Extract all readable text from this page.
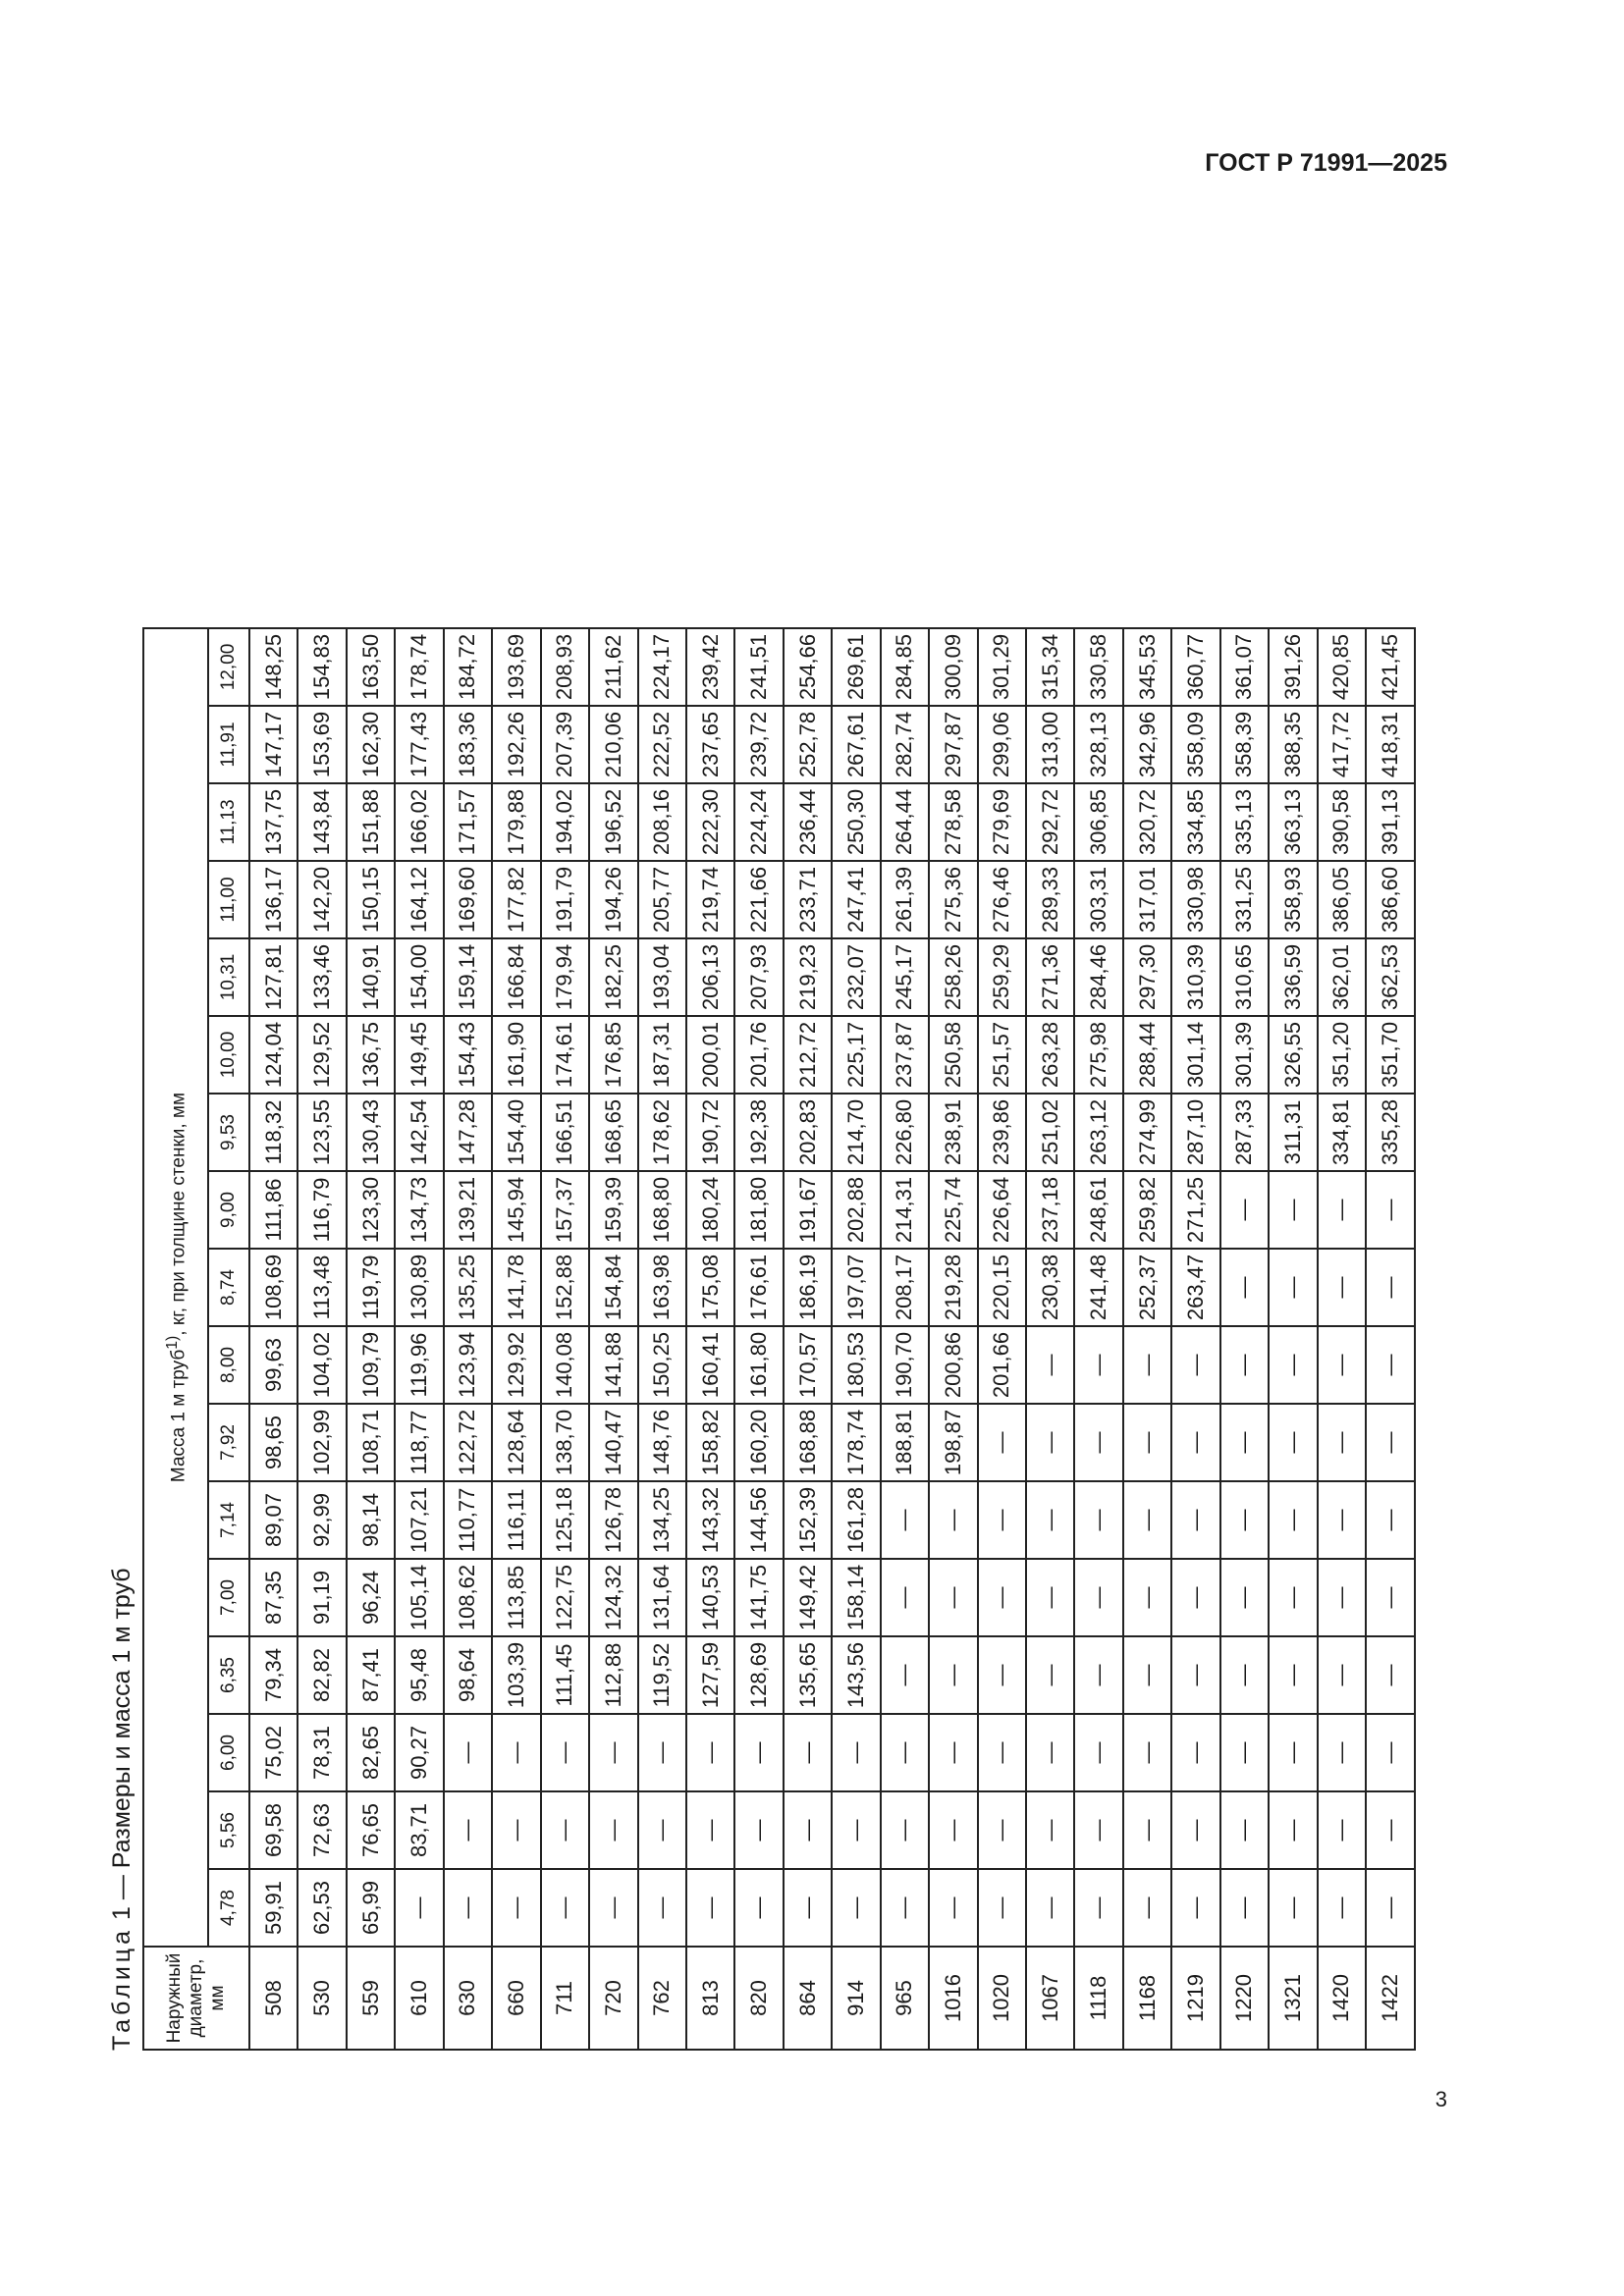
ГОСТ Р 71991—2025
Таблица 1 — Размеры и масса 1 м труб
Наружный диаметр, мм	Масса 1 м труб$^{1)}$, кг, при толщине стенки, мм																
	4,78	5,56	6,00	6,35	7,00	7,14	7,92	8,00	8,74	9,00	9,53	10,00	10,31	11,00	11,13	11,91	12,00
508	59,91	69,58	75,02	79,34	87,35	89,07	98,65	99,63	108,69	111,86	118,32	124,04	127,81	136,17	137,75	147,17	148,25
530	62,53	72,63	78,31	82,82	91,19	92,99	102,99	104,02	113,48	116,79	123,55	129,52	133,46	142,20	143,84	153,69	154,83
559	65,99	76,65	82,65	87,41	96,24	98,14	108,71	109,79	119,79	123,30	130,43	136,75	140,91	150,15	151,88	162,30	163,50
610	—	83,71	90,27	95,48	105,14	107,21	118,77	119,96	130,89	134,73	142,54	149,45	154,00	164,12	166,02	177,43	178,74
630	—	—	—	98,64	108,62	110,77	122,72	123,94	135,25	139,21	147,28	154,43	159,14	169,60	171,57	183,36	184,72
660	—	—	—	103,39	113,85	116,11	128,64	129,92	141,78	145,94	154,40	161,90	166,84	177,82	179,88	192,26	193,69
711	—	—	—	111,45	122,75	125,18	138,70	140,08	152,88	157,37	166,51	174,61	179,94	191,79	194,02	207,39	208,93
720	—	—	—	112,88	124,32	126,78	140,47	141,88	154,84	159,39	168,65	176,85	182,25	194,26	196,52	210,06	211,62
762	—	—	—	119,52	131,64	134,25	148,76	150,25	163,98	168,80	178,62	187,31	193,04	205,77	208,16	222,52	224,17
813	—	—	—	127,59	140,53	143,32	158,82	160,41	175,08	180,24	190,72	200,01	206,13	219,74	222,30	237,65	239,42
820	—	—	—	128,69	141,75	144,56	160,20	161,80	176,61	181,80	192,38	201,76	207,93	221,66	224,24	239,72	241,51
864	—	—	—	135,65	149,42	152,39	168,88	170,57	186,19	191,67	202,83	212,72	219,23	233,71	236,44	252,78	254,66
914	—	—	—	143,56	158,14	161,28	178,74	180,53	197,07	202,88	214,70	225,17	232,07	247,41	250,30	267,61	269,61
965	—	—	—	—	—	—	188,81	190,70	208,17	214,31	226,80	237,87	245,17	261,39	264,44	282,74	284,85
1016	—	—	—	—	—	—	198,87	200,86	219,28	225,74	238,91	250,58	258,26	275,36	278,58	297,87	300,09
1020	—	—	—	—	—	—	—	201,66	220,15	226,64	239,86	251,57	259,29	276,46	279,69	299,06	301,29
1067	—	—	—	—	—	—	—	—	230,38	237,18	251,02	263,28	271,36	289,33	292,72	313,00	315,34
1118	—	—	—	—	—	—	—	—	241,48	248,61	263,12	275,98	284,46	303,31	306,85	328,13	330,58
1168	—	—	—	—	—	—	—	—	252,37	259,82	274,99	288,44	297,30	317,01	320,72	342,96	345,53
1219	—	—	—	—	—	—	—	—	263,47	271,25	287,10	301,14	310,39	330,98	334,85	358,09	360,77
1220	—	—	—	—	—	—	—	—	—	—	287,33	301,39	310,65	331,25	335,13	358,39	361,07
1321	—	—	—	—	—	—	—	—	—	—	311,31	326,55	336,59	358,93	363,13	388,35	391,26
1420	—	—	—	—	—	—	—	—	—	—	334,81	351,20	362,01	386,05	390,58	417,72	420,85
1422	—	—	—	—	—	—	—	—	—	—	335,28	351,70	362,53	386,60	391,13	418,31	421,45
3
